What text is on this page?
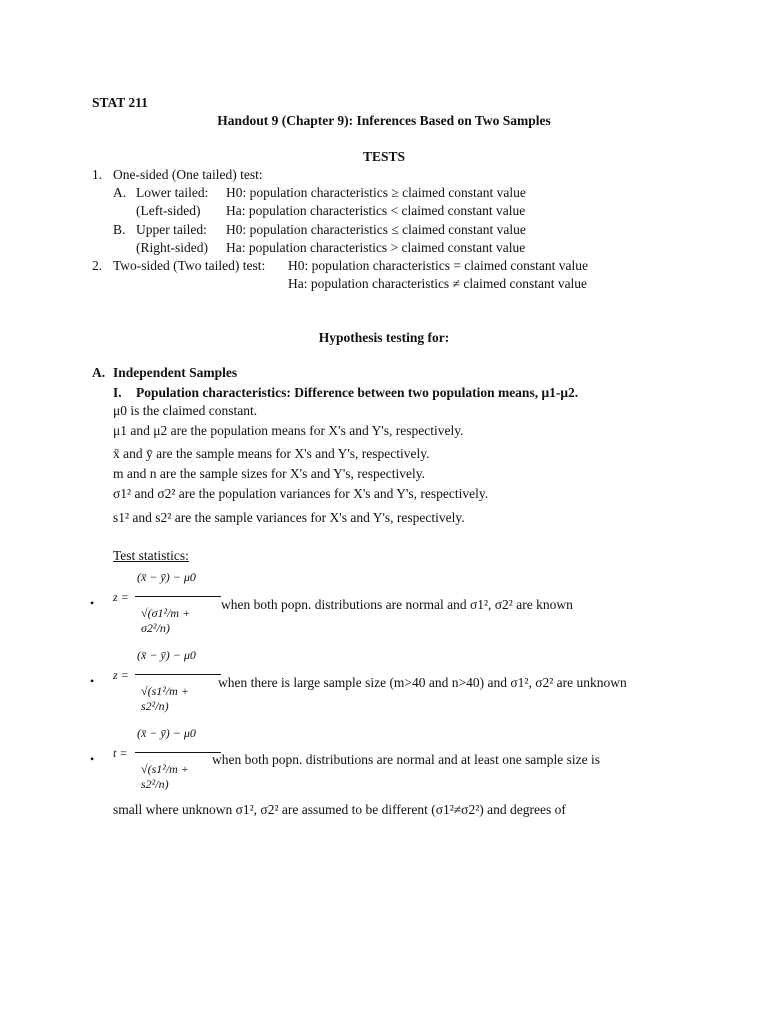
STAT 211
Handout 9 (Chapter 9): Inferences Based on Two Samples
TESTS
1. One-sided (One tailed) test:
A. Lower tailed: H0: population characteristics ≥ claimed constant value
(Left-sided) Ha: population characteristics < claimed constant value
B. Upper tailed: H0: population characteristics ≤ claimed constant value
(Right-sided) Ha: population characteristics > claimed constant value
2. Two-sided (Two tailed) test: H0: population characteristics = claimed constant value
Ha: population characteristics ≠ claimed constant value
Hypothesis testing for:
A. Independent Samples
I. Population characteristics: Difference between two population means, μ1-μ2.
μ0 is the claimed constant.
μ1 and μ2 are the population means for X's and Y's, respectively.
x̄ and ȳ are the sample means for X's and Y's, respectively.
m and n are the sample sizes for X's and Y's, respectively.
σ1² and σ2² are the population variances for X's and Y's, respectively.
s1² and s2² are the sample variances for X's and Y's, respectively.
Test statistics:
• z =
(x̄ − ȳ) − μ0
√(σ1²/m + σ2²/n)
when both popn. distributions are normal and σ1², σ2² are known
• z =
(x̄ − ȳ) − μ0
√(s1²/m + s2²/n)
when there is large sample size (m>40 and n>40) and σ1², σ2² are unknown
• t =
(x̄ − ȳ) − μ0
√(s1²/m + s2²/n)
when both popn. distributions are normal and at least one sample size is
small where unknown σ1², σ2² are assumed to be different (σ1²≠σ2²) and degrees of
